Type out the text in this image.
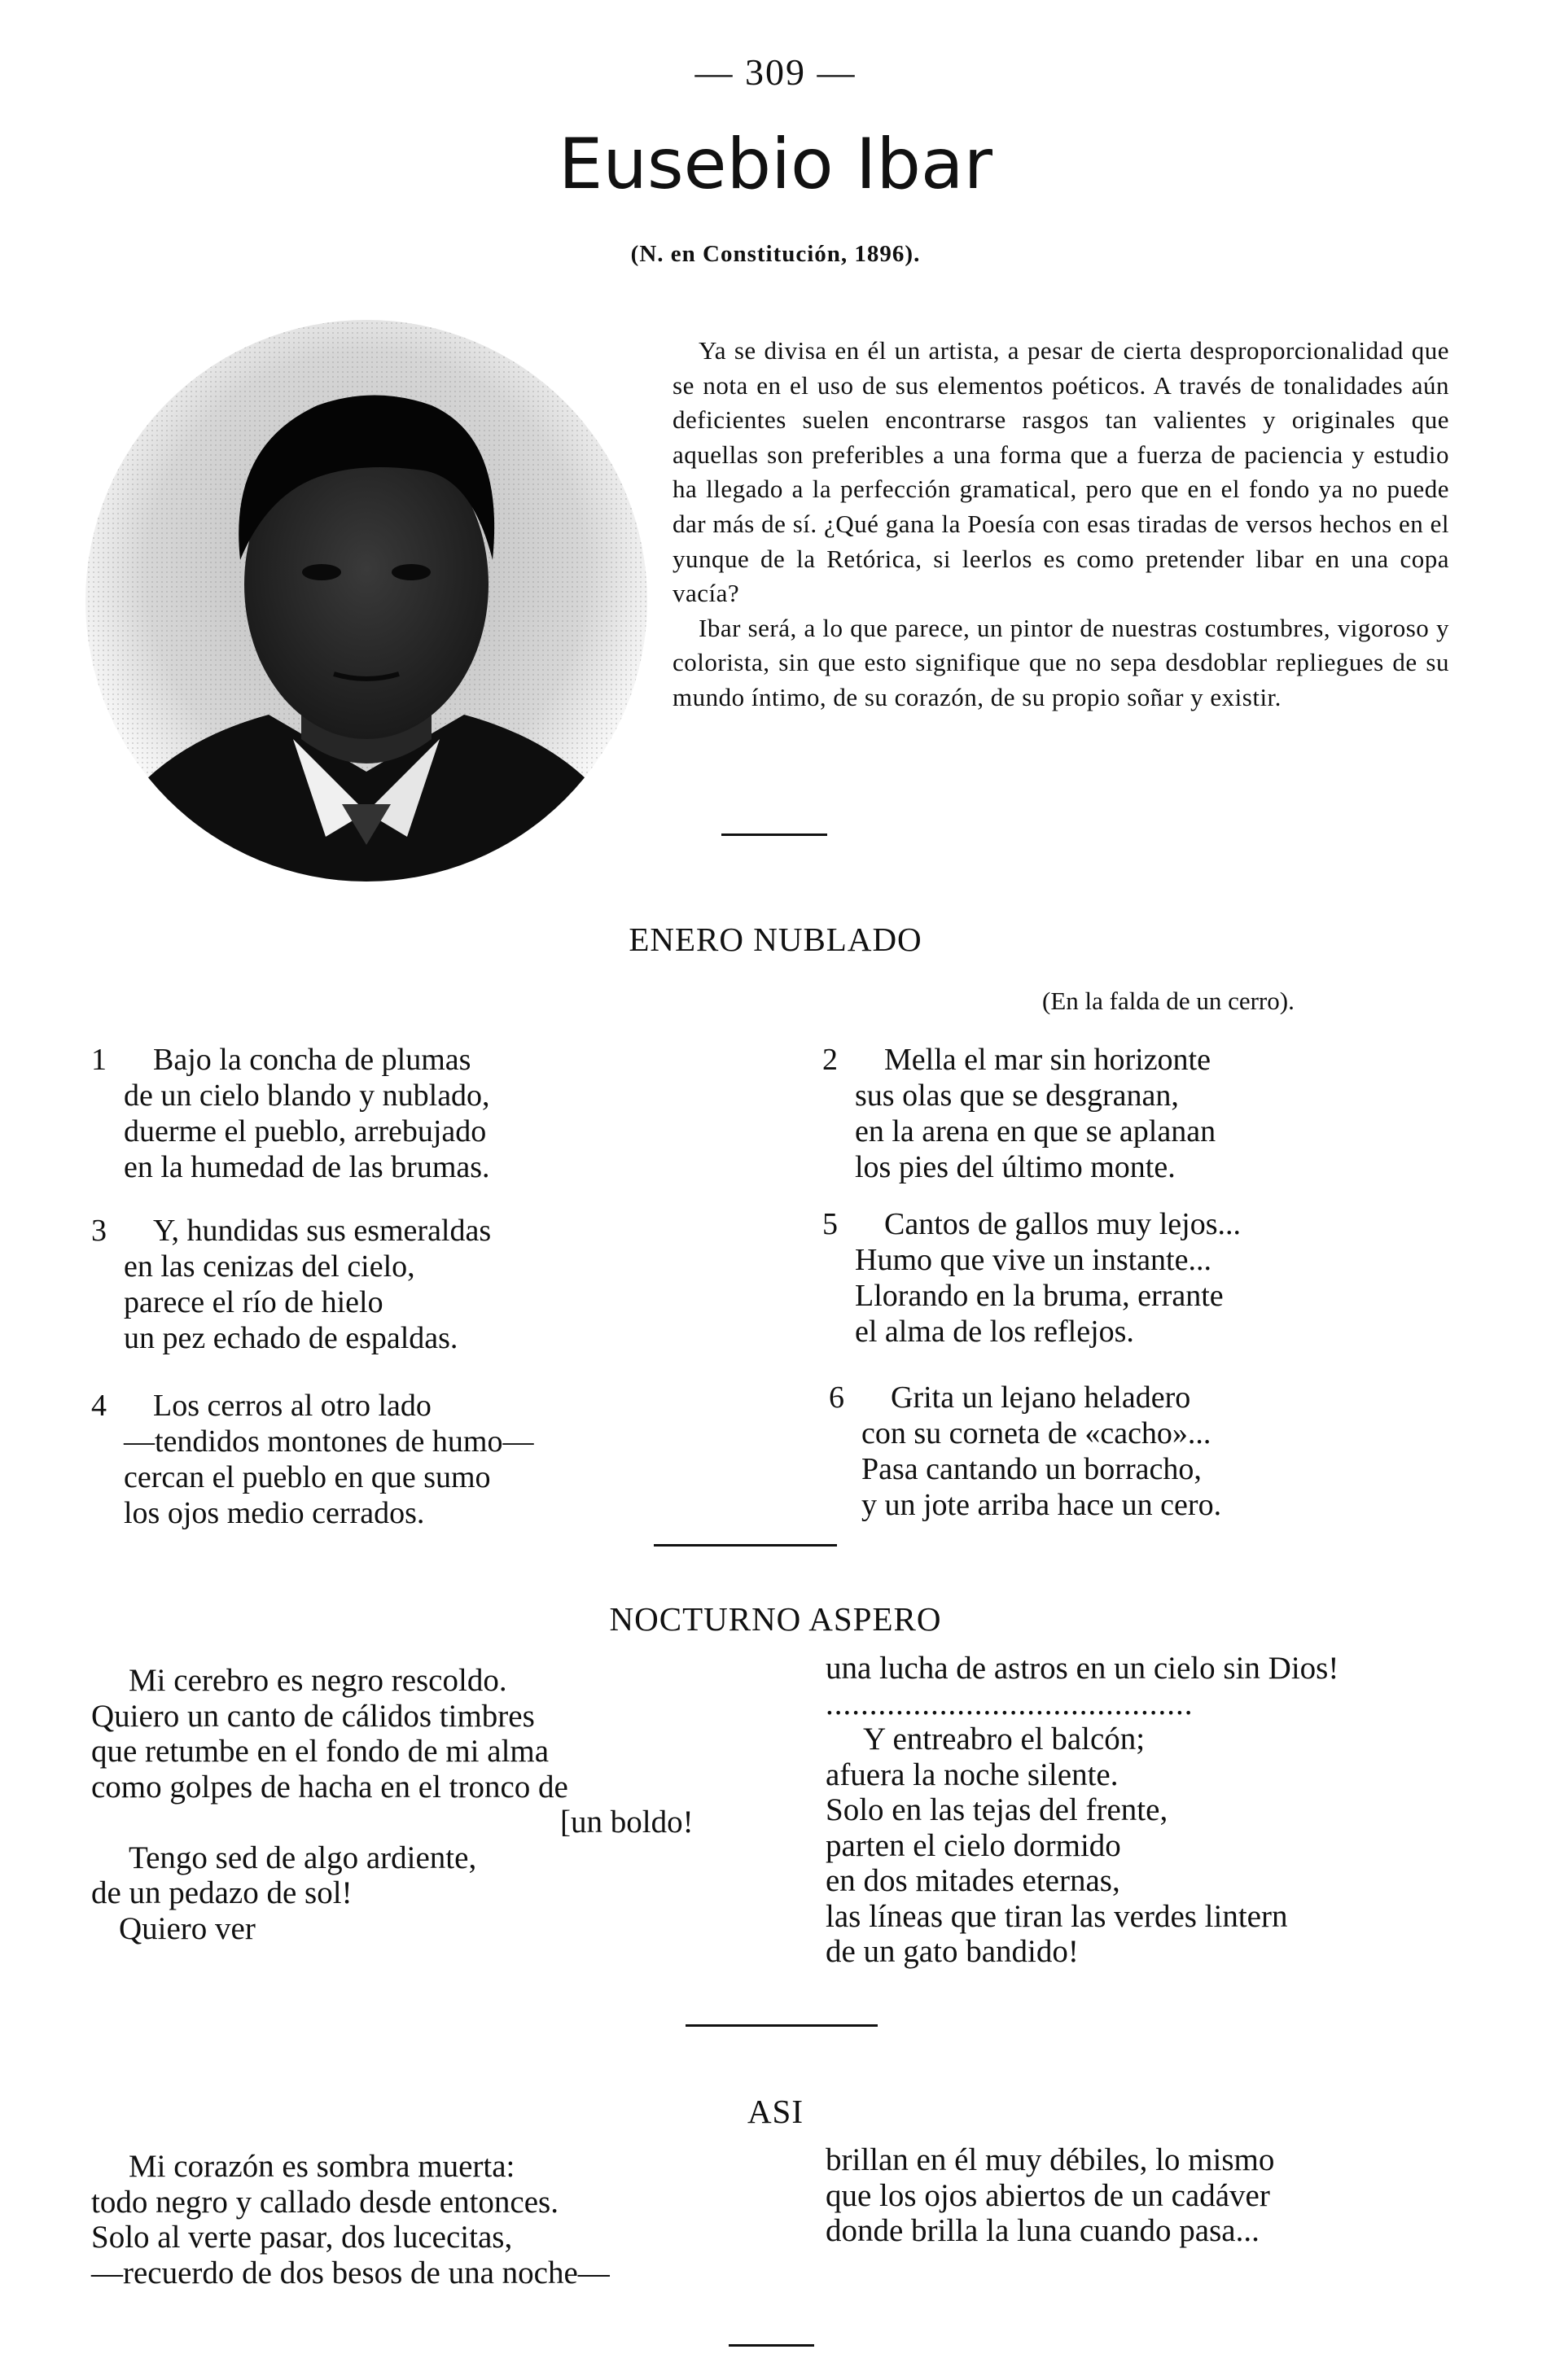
— 309 —
Eusebio Ibar
(N. en Constitución, 1896).

Ya se divisa en él un artista, a pesar de cierta desproporcionalidad que se nota en el uso de sus elementos poéticos. A través de tonalidades aún deficientes suelen encontrarse rasgos tan valientes y originales que aquellas son preferibles a una forma que a fuerza de paciencia y estudio ha llegado a la perfección gramatical, pero que en el fondo ya no puede dar más de sí. ¿Qué gana la Poesía con esas tiradas de versos hechos en el yunque de la Retórica, si leerlos es como pretender libar en una copa vacía?

Ibar será, a lo que parece, un pintor de nuestras costumbres, vigoroso y colorista, sin que esto signifique que no sepa desdoblar repliegues de su mundo íntimo, de su corazón, de su propio soñar y existir.

ENERO NUBLADO
(En la falda de un cerro).
1	Bajo la concha de plumas
de un cielo blando y nublado,
duerme el pueblo, arrebujado
en la humedad de las brumas.
2	Mella el mar sin horizonte
sus olas que se desgranan,
en la arena en que se aplanan
los pies del último monte.
3	Y, hundidas sus esmeraldas
en las cenizas del cielo,
parece el río de hielo
un pez echado de espaldas.
5	Cantos de gallos muy lejos...
Humo que vive un instante...
Llorando en la bruma, errante
el alma de los reflejos.
4	Los cerros al otro lado
—tendidos montones de humo—
cercan el pueblo en que sumo
los ojos medio cerrados.
6	Grita un lejano heladero
con su corneta de «cacho»...
Pasa cantando un borracho,
y un jote arriba hace un cero.
NOCTURNO ASPERO
Mi cerebro es negro rescoldo.
Quiero un canto de cálidos timbres
que retumbe en el fondo de mi alma
como golpes de hacha en el tronco de
[un boldo!
Tengo sed de algo ardiente,
de un pedazo de sol!
Quiero ver
una lucha de astros en un cielo sin Dios!
..........................................
Y entreabro el balcón;
afuera la noche silente.
Solo en las tejas del frente,
parten el cielo dormido
en dos mitades eternas,
las líneas que tiran las verdes lintern
de un gato bandido!
ASI
Mi corazón es sombra muerta:
todo negro y callado desde entonces.
Solo al verte pasar, dos lucecitas,
—recuerdo de dos besos de una noche—
brillan en él muy débiles, lo mismo
que los ojos abiertos de un cadáver
donde brilla la luna cuando pasa...
